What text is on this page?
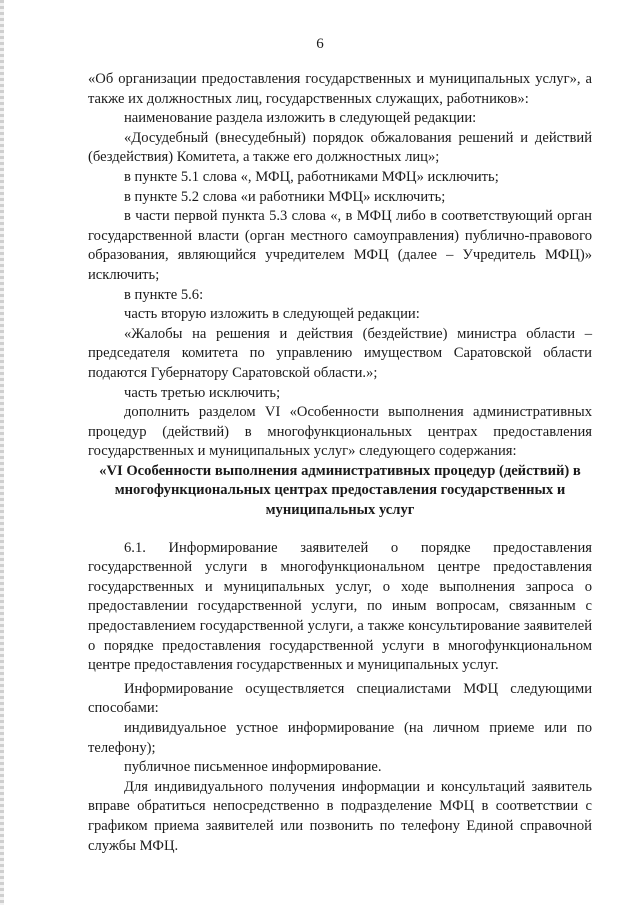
6

«Об организации предоставления государственных и муниципальных услуг», а также их должностных лиц, государственных служащих, работников»:

наименование раздела изложить в следующей редакции:

«Досудебный (внесудебный) порядок обжалования решений и действий (бездействия) Комитета, а также его должностных лиц»;

в пункте 5.1 слова «, МФЦ, работниками МФЦ» исключить;

в пункте 5.2 слова «и работники МФЦ» исключить;

в части первой пункта 5.3 слова «, в МФЦ либо в соответствующий орган государственной власти (орган местного самоуправления) публично-правового образования, являющийся учредителем МФЦ (далее – Учредитель МФЦ)» исключить;

в пункте 5.6:

часть вторую изложить в следующей редакции:

«Жалобы на решения и действия (бездействие) министра области – председателя комитета по управлению имуществом Саратовской области подаются Губернатору Саратовской области.»;

часть третью исключить;

дополнить разделом VI «Особенности выполнения административных процедур (действий) в многофункциональных центрах предоставления государственных и муниципальных услуг» следующего содержания:

«VI Особенности выполнения административных процедур (действий) в многофункциональных центрах предоставления государственных и муниципальных услуг

6.1. Информирование заявителей о порядке предоставления государственной услуги в многофункциональном центре предоставления государственных и муниципальных услуг, о ходе выполнения запроса о предоставлении государственной услуги, по иным вопросам, связанным с предоставлением государственной услуги, а также консультирование заявителей о порядке предоставления государственной услуги в многофункциональном центре предоставления государственных и муниципальных услуг.

Информирование осуществляется специалистами МФЦ следующими способами:

индивидуальное устное информирование (на личном приеме или по телефону);

публичное письменное информирование.

Для индивидуального получения информации и консультаций заявитель вправе обратиться непосредственно в подразделение МФЦ в соответствии с графиком приема заявителей или позвонить по телефону Единой справочной службы МФЦ.
